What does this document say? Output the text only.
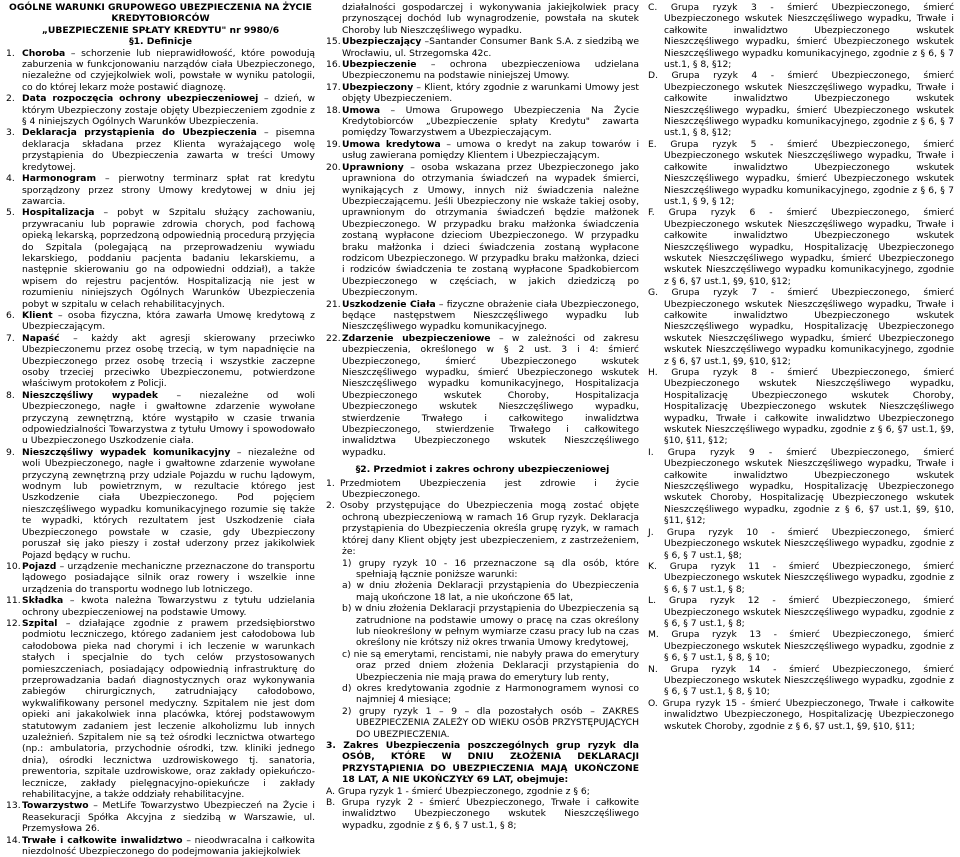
OGÓLNE WARUNKI GRUPOWEGO UBEZPIECZENIA NA ŻYCIE

KREDYTOBIORCÓW

„UBEZPIECZENIE SPŁATY KREDYTU" nr 9980/6

§1. Definicje

1.Choroba – schorzenie lub nieprawidłowość, które powodują zaburzenia w funkcjonowaniu narządów ciała Ubezpieczonego, niezależne od czyjejkolwiek woli, powstałe w wyniku patologii, co do której lekarz może postawić diagnozę.

2.Data rozpoczęcia ochrony ubezpieczeniowej – dzień, w którym Ubezpieczony zostaje objęty Ubezpieczeniem zgodnie z § 4 niniejszych Ogólnych Warunków Ubezpieczenia.

3.Deklaracja przystąpienia do Ubezpieczenia – pisemna deklaracja składana przez Klienta wyrażającego wolę przystąpienia do Ubezpieczenia zawarta w treści Umowy kredytowej.

4.Harmonogram – pierwotny terminarz spłat rat kredytu sporządzony przez strony Umowy kredytowej w dniu jej zawarcia.

5.Hospitalizacja – pobyt w Szpitalu służący zachowaniu, przywracaniu lub poprawie zdrowia chorych, pod fachową opieką lekarską, poprzedzoną odpowiednią procedurą przyjęcia do Szpitala (polegającą na przeprowadzeniu wywiadu lekarskiego, poddaniu pacjenta badaniu lekarskiemu, a następnie skierowaniu go na odpowiedni oddział), a także wpisem do rejestru pacjentów. Hospitalizacją nie jest w rozumieniu niniejszych Ogólnych Warunków Ubezpieczenia pobyt w szpitalu w celach rehabilitacyjnych.

6.Klient – osoba fizyczna, która zawarła Umowę kredytową z Ubezpieczającym.

7.Napaść – każdy akt agresji skierowany przeciwko Ubezpieczonemu przez osobę trzecią, w tym napadnięcie na Ubezpieczonego przez osobę trzecią i wszystkie zaczepne osoby trzeciej przeciwko Ubezpieczonemu, potwierdzone właściwym protokołem z Policji.

8.Nieszczęśliwy wypadek – niezależne od woli Ubezpieczonego, nagłe i gwałtowne zdarzenie wywołane przyczyną zewnętrzną, które wystąpiło w czasie trwania odpowiedzialności Towarzystwa z tytułu Umowy i spowodowało u Ubezpieczonego Uszkodzenie ciała.

9.Nieszczęśliwy wypadek komunikacyjny – niezależne od woli Ubezpieczonego, nagłe i gwałtowne zdarzenie wywołane przyczyną zewnętrzną przy udziale Pojazdu w ruchu lądowym, wodnym lub powietrznym, w rezultacie którego jest Uszkodzenie ciała Ubezpieczonego. Pod pojęciem nieszczęśliwego wypadku komunikacyjnego rozumie się także te wypadki, których rezultatem jest Uszkodzenie ciała Ubezpieczonego powstałe w czasie, gdy Ubezpieczony poruszał się jako pieszy i został uderzony przez jakikolwiek Pojazd będący w ruchu.

10.Pojazd – urządzenie mechaniczne przeznaczone do transportu lądowego posiadające silnik oraz rowery i wszelkie inne urządzenia do transportu wodnego lub lotniczego.

11.Składka – kwota należna Towarzystwu z tytułu udzielania ochrony ubezpieczeniowej na podstawie Umowy.

12.Szpital – działające zgodnie z prawem przedsiębiorstwo podmiotu leczniczego, którego zadaniem jest całodobowa lub całodobowa pieka nad chorymi i ich leczenie w warunkach stałych i specjalnie do tych celów przystosowanych pomieszczeniach, posiadający odpowiednią infrastrukturę do przeprowadzania badań diagnostycznych oraz wykonywania zabiegów chirurgicznych, zatrudniający całodobowo, wykwalifikowany personel medyczny. Szpitalem nie jest dom opieki ani jakakolwiek inna placówka, której podstawowym statutowym zadaniem jest leczenie alkoholizmu lub innych uzależnień. Szpitalem nie są też ośrodki lecznictwa otwartego (np.: ambulatoria, przychodnie ośrodki, tzw. kliniki jednego dnia), ośrodki lecznictwa uzdrowiskowego tj. sanatoria, prewentoria, szpitale uzdrowiskowe, oraz zakłady opiekuńczo-lecznicze, zakłady pielęgnacyjno-opiekuńcze i zakłady rehabilitacyjne, a także oddziały rehabilitacyjne.

13.Towarzystwo – MetLife Towarzystwo Ubezpieczeń na Życie i Reasekuracji Spółka Akcyjna z siedzibą w Warszawie, ul. Przemysłowa 26.

14.Trwałe i całkowite inwalidztwo – nieodwracalna i całkowita niezdolność Ubezpieczonego do podejmowania jakiejkolwiek

działalności gospodarczej i wykonywania jakiejkolwiek pracy przynoszącej dochód lub wynagrodzenie, powstała na skutek Choroby lub Nieszczęśliwego wypadku.

15.Ubezpieczający –Santander Consumer Bank S.A. z siedzibą we Wrocławiu, ul. Strzegomska 42c.

16.Ubezpieczenie – ochrona ubezpieczeniowa udzielana Ubezpieczonemu na podstawie niniejszej Umowy.

17.Ubezpieczony – Klient, który zgodnie z warunkami Umowy jest objęty Ubezpieczeniem.

18.Umowa – Umowa Grupowego Ubezpieczenia Na Życie Kredytobiorców „Ubezpieczenie spłaty Kredytu" zawarta pomiędzy Towarzystwem a Ubezpieczającym.

19.Umowa kredytowa – umowa o kredyt na zakup towarów i usług zawierana pomiędzy Klientem i Ubezpieczającym.

20.Uprawniony – osoba wskazana przez Ubezpieczonego jako uprawniona do otrzymania świadczeń na wypadek śmierci, wynikających z Umowy, innych niż świadczenia należne Ubezpieczającemu. Jeśli Ubezpieczony nie wskaże takiej osoby, uprawnionym do otrzymania świadczeń będzie małżonek Ubezpieczonego. W przypadku braku małżonka świadczenia zostaną wypłacone dzieciom Ubezpieczonego. W przypadku braku małżonka i dzieci świadczenia zostaną wypłacone rodzicom Ubezpieczonego. W przypadku braku małżonka, dzieci i rodziców świadczenia te zostaną wypłacone Spadkobiercom Ubezpieczonego w częściach, w jakich dziedziczą po Ubezpieczonym.

21.Uszkodzenie Ciała – fizyczne obrażenie ciała Ubezpieczonego, będące następstwem Nieszczęśliwego wypadku lub Nieszczęśliwego wypadku komunikacyjnego.

22.Zdarzenie ubezpieczeniowe – w zależności od zakresu ubezpieczenia, określonego w § 2 ust. 3 i 4: śmierć Ubezpieczonego, śmierć Ubezpieczonego wskutek Nieszczęśliwego wypadku, śmierć Ubezpieczonego wskutek Nieszczęśliwego wypadku komunikacyjnego, Hospitalizacja Ubezpieczonego wskutek Choroby, Hospitalizacja Ubezpieczonego wskutek Nieszczęśliwego wypadku, stwierdzenie Trwałego i całkowitego inwalidztwa Ubezpieczonego, stwierdzenie Trwałego i całkowitego inwalidztwa Ubezpieczonego wskutek Nieszczęśliwego wypadku.

§2. Przedmiot i zakres ochrony ubezpieczeniowej

1.Przedmiotem Ubezpieczenia jest zdrowie i życie Ubezpieczonego.

2.Osoby przystępujące do Ubezpieczenia mogą zostać objęte ochroną ubezpieczeniową w ramach 16 Grup ryzyk. Deklaracja przystąpienia do Ubezpieczenia określa grupę ryzyk, w ramach której dany Klient objęty jest ubezpieczeniem, z zastrzeżeniem, że:

1) grupy ryzyk 10 - 16 przeznaczone są dla osób, które spełniają łącznie poniższe warunki:

a) w dniu złożenia Deklaracji przystąpienia do Ubezpieczenia mają ukończone 18 lat, a nie ukończone 65 lat,

b) w dniu złożenia Deklaracji przystąpienia do Ubezpieczenia są zatrudnione na podstawie umowy o pracę na czas określony lub nieokreślony w pełnym wymiarze czasu pracy lub na czas określony nie krótszy niż okres trwania Umowy kredytowej,

c) nie są emerytami, rencistami, nie nabyły prawa do emerytury oraz przed dniem złożenia Deklaracji przystąpienia do Ubezpieczenia nie mają prawa do emerytury lub renty,

d) okres kredytowania zgodnie z Harmonogramem wynosi co najmniej 4 miesiące;

2) grupy ryzyk 1 – 9 – dla pozostałych osób – ZAKRES UBEZPIECZENIA ZALEŻY OD WIEKU OSÓB PRZYSTĘPUJĄCYCH DO UBEZPIECZENIA.

3. Zakres Ubezpieczenia poszczególnych grup ryzyk dla OSÓB, KTÓRE W DNIU ZŁOŻENIA DEKLARACJI PRZYSTĄPIENIA DO UBEZPIECZENIA MAJĄ UKOŃCZONE 18 LAT, A NIE UKOŃCZYŁY 69 LAT, obejmuje:

A. Grupa ryzyk 1 - śmierć Ubezpieczonego, zgodnie z § 6;

B. Grupa ryzyk 2 - śmierć Ubezpieczonego, Trwałe i całkowite inwalidztwo Ubezpieczonego wskutek Nieszczęśliwego wypadku, zgodnie z § 6, § 7 ust.1, § 8;

C. Grupa ryzyk 3 - śmierć Ubezpieczonego, śmierć Ubezpieczonego wskutek Nieszczęśliwego wypadku, Trwałe i całkowite inwalidztwo Ubezpieczonego wskutek Nieszczęśliwego wypadku, śmierć Ubezpieczonego wskutek Nieszczęśliwego wypadku komunikacyjnego, zgodnie z § 6, § 7 ust.1, § 8, §12;

D. Grupa ryzyk 4 - śmierć Ubezpieczonego, śmierć Ubezpieczonego wskutek Nieszczęśliwego wypadku, Trwałe i całkowite inwalidztwo Ubezpieczonego wskutek Nieszczęśliwego wypadku, śmierć Ubezpieczonego wskutek Nieszczęśliwego wypadku komunikacyjnego, zgodnie z § 6, § 7 ust.1, § 8, §12;

E. Grupa ryzyk 5 - śmierć Ubezpieczonego, śmierć Ubezpieczonego wskutek Nieszczęśliwego wypadku, Trwałe i całkowite inwalidztwo Ubezpieczonego wskutek Nieszczęśliwego wypadku, śmierć Ubezpieczonego wskutek Nieszczęśliwego wypadku komunikacyjnego, zgodnie z § 6, § 7 ust.1, § 9, § 12;

F. Grupa ryzyk 6 - śmierć Ubezpieczonego, śmierć Ubezpieczonego wskutek Nieszczęśliwego wypadku, Trwałe i całkowite inwalidztwo Ubezpieczonego wskutek Nieszczęśliwego wypadku, Hospitalizację Ubezpieczonego wskutek Nieszczęśliwego wypadku, śmierć Ubezpieczonego wskutek Nieszczęśliwego wypadku komunikacyjnego, zgodnie z § 6, §7 ust.1, §9, §10, §12;

G. Grupa ryzyk 7 - śmierć Ubezpieczonego, śmierć Ubezpieczonego wskutek Nieszczęśliwego wypadku, Trwałe i całkowite inwalidztwo Ubezpieczonego wskutek Nieszczęśliwego wypadku, Hospitalizację Ubezpieczonego wskutek Nieszczęśliwego wypadku, śmierć Ubezpieczonego wskutek Nieszczęśliwego wypadku komunikacyjnego, zgodnie z § 6, §7 ust.1, §9, §10, §12;

H. Grupa ryzyk 8 - śmierć Ubezpieczonego, śmierć Ubezpieczonego wskutek Nieszczęśliwego wypadku, Hospitalizację Ubezpieczonego wskutek Choroby, Hospitalizację Ubezpieczonego wskutek Nieszczęśliwego wypadku, Trwałe i całkowite inwalidztwo Ubezpieczonego wskutek Nieszczęśliwego wypadku, zgodnie z § 6, §7 ust.1, §9, §10, §11, §12;

I. Grupa ryzyk 9 - śmierć Ubezpieczonego, śmierć Ubezpieczonego wskutek Nieszczęśliwego wypadku, Trwałe i całkowite inwalidztwo Ubezpieczonego wskutek Nieszczęśliwego wypadku, Hospitalizację Ubezpieczonego wskutek Choroby, Hospitalizację Ubezpieczonego wskutek Nieszczęśliwego wypadku, zgodnie z § 6, §7 ust.1, §9, §10, §11, §12;

J. Grupa ryzyk 10 - śmierć Ubezpieczonego, śmierć Ubezpieczonego wskutek Nieszczęśliwego wypadku, zgodnie z § 6, § 7 ust.1, §8;

K. Grupa ryzyk 11 - śmierć Ubezpieczonego, śmierć Ubezpieczonego wskutek Nieszczęśliwego wypadku, zgodnie z § 6, § 7 ust.1, § 8;

L. Grupa ryzyk 12 - śmierć Ubezpieczonego, śmierć Ubezpieczonego wskutek Nieszczęśliwego wypadku, zgodnie z § 6, § 7 ust.1, § 8;

M. Grupa ryzyk 13 - śmierć Ubezpieczonego, śmierć Ubezpieczonego wskutek Nieszczęśliwego wypadku, zgodnie z § 6, § 7 ust.1, § 8, § 10;

N. Grupa ryzyk 14 - śmierć Ubezpieczonego, śmierć Ubezpieczonego wskutek Nieszczęśliwego wypadku, zgodnie z § 6, § 7 ust.1, § 8, § 10;

O. Grupa ryzyk 15 - śmierć Ubezpieczonego, Trwałe i całkowite inwalidztwo Ubezpieczonego, Hospitalizację Ubezpieczonego wskutek Choroby, zgodnie z § 6, §7 ust.1, §9, §10, §11;
